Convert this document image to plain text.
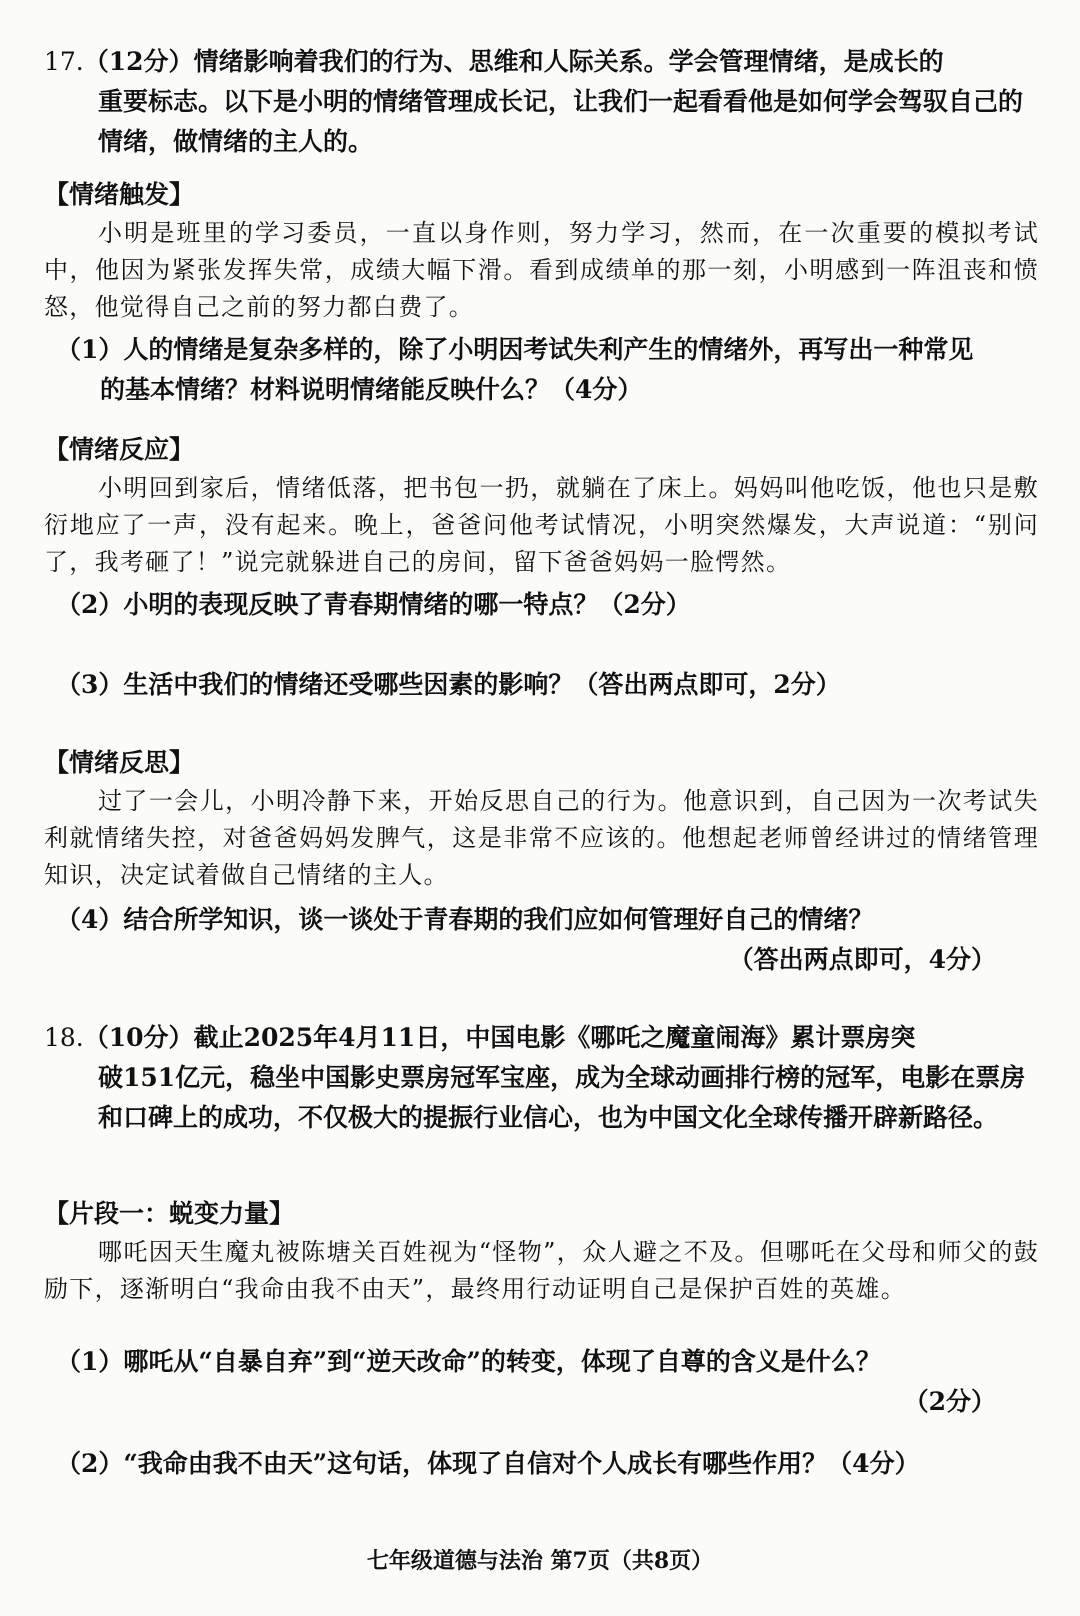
17.（12分）情绪影响着我们的行为、思维和人际关系。学会管理情绪，是成长的
重要标志。以下是小明的情绪管理成长记，让我们一起看看他是如何学会驾驭自己的情绪，做情绪的主人的。
【情绪触发】
小明是班里的学习委员，一直以身作则，努力学习，然而，在一次重要的模拟考试中，他因为紧张发挥失常，成绩大幅下滑。看到成绩单的那一刻，小明感到一阵沮丧和愤怒，他觉得自己之前的努力都白费了。
（1）人的情绪是复杂多样的，除了小明因考试失利产生的情绪外，再写出一种常见
的基本情绪？材料说明情绪能反映什么？（4分）
【情绪反应】
小明回到家后，情绪低落，把书包一扔，就躺在了床上。妈妈叫他吃饭，他也只是敷衍地应了一声，没有起来。晚上，爸爸问他考试情况，小明突然爆发，大声说道：“别问了，我考砸了！”说完就躲进自己的房间，留下爸爸妈妈一脸愕然。
（2）小明的表现反映了青春期情绪的哪一特点？（2分）
（3）生活中我们的情绪还受哪些因素的影响？（答出两点即可，2分）
【情绪反思】
过了一会儿，小明冷静下来，开始反思自己的行为。他意识到，自己因为一次考试失利就情绪失控，对爸爸妈妈发脾气，这是非常不应该的。他想起老师曾经讲过的情绪管理知识，决定试着做自己情绪的主人。
（4）结合所学知识，谈一谈处于青春期的我们应如何管理好自己的情绪？
（答出两点即可，4分）
18.（10分）截止2025年4月11日，中国电影《哪吒之魔童闹海》累计票房突
破151亿元，稳坐中国影史票房冠军宝座，成为全球动画排行榜的冠军，电影在票房和口碑上的成功，不仅极大的提振行业信心，也为中国文化全球传播开辟新路径。
【片段一：蜕变力量】
哪吒因天生魔丸被陈塘关百姓视为“怪物”，众人避之不及。但哪吒在父母和师父的鼓励下，逐渐明白“我命由我不由天”，最终用行动证明自己是保护百姓的英雄。
（1）哪吒从“自暴自弃”到“逆天改命”的转变，体现了自尊的含义是什么？
（2分）
（2）“我命由我不由天”这句话，体现了自信对个人成长有哪些作用？（4分）
七年级道德与法治 第7页（共8页）
